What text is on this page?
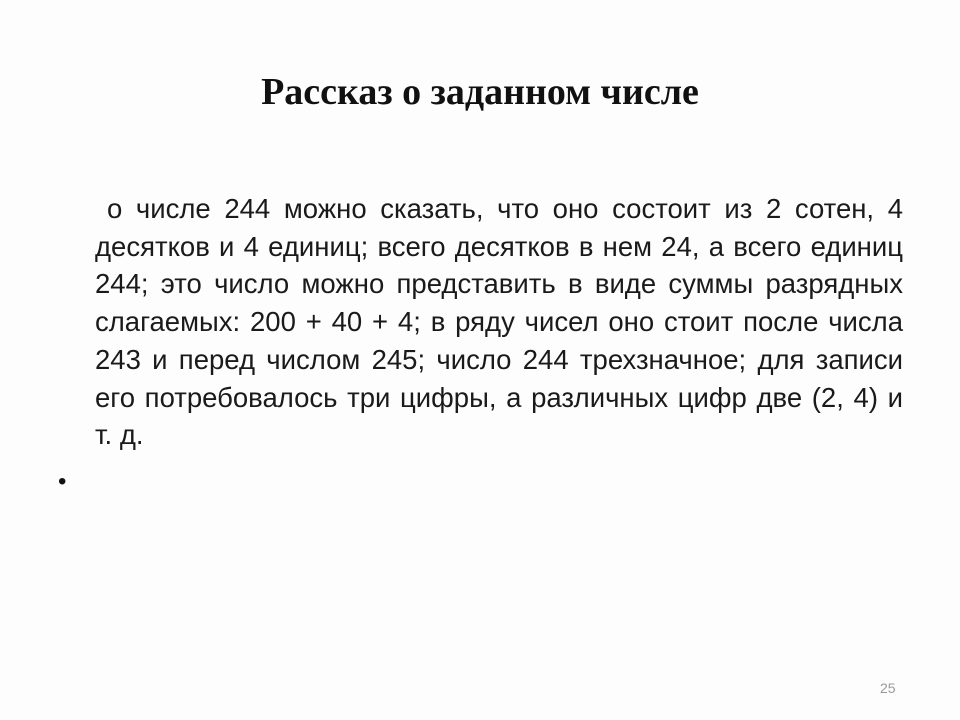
Рассказ о заданном числе

о числе 244 можно сказать, что оно состоит из 2 сотен, 4 десятков и 4 единиц; всего десятков в нем 24, а всего единиц 244; это число можно представить в виде суммы разрядных слагаемых: 200 + 40 + 4; в ряду чисел оно стоит после числа 243 и перед числом 245; число 244 трехзначное; для записи его потребовалось три цифры, а различных цифр две (2, 4) и т. д.

•
25
